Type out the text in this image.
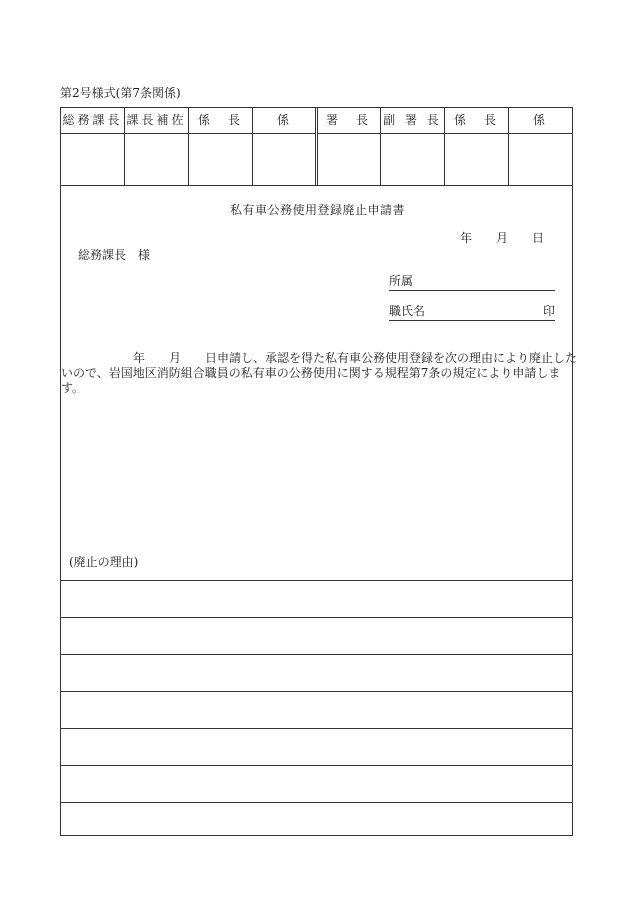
第2号様式(第7条関係)
総務課長 課長補佐 係　長	係	署　長	副 署 長	係　長	係
私有車公務使用登録廃止申請書
年　　月　　日
総務課長　様
所属
職氏名	印
　　　　　　年　　月　　日申請し、承認を得た私有車公務使用登録を次の理由により廃止した
いので、岩国地区消防組合職員の私有車の公務使用に関する規程第7条の規定により申請しま
す。
(廃止の理由)
